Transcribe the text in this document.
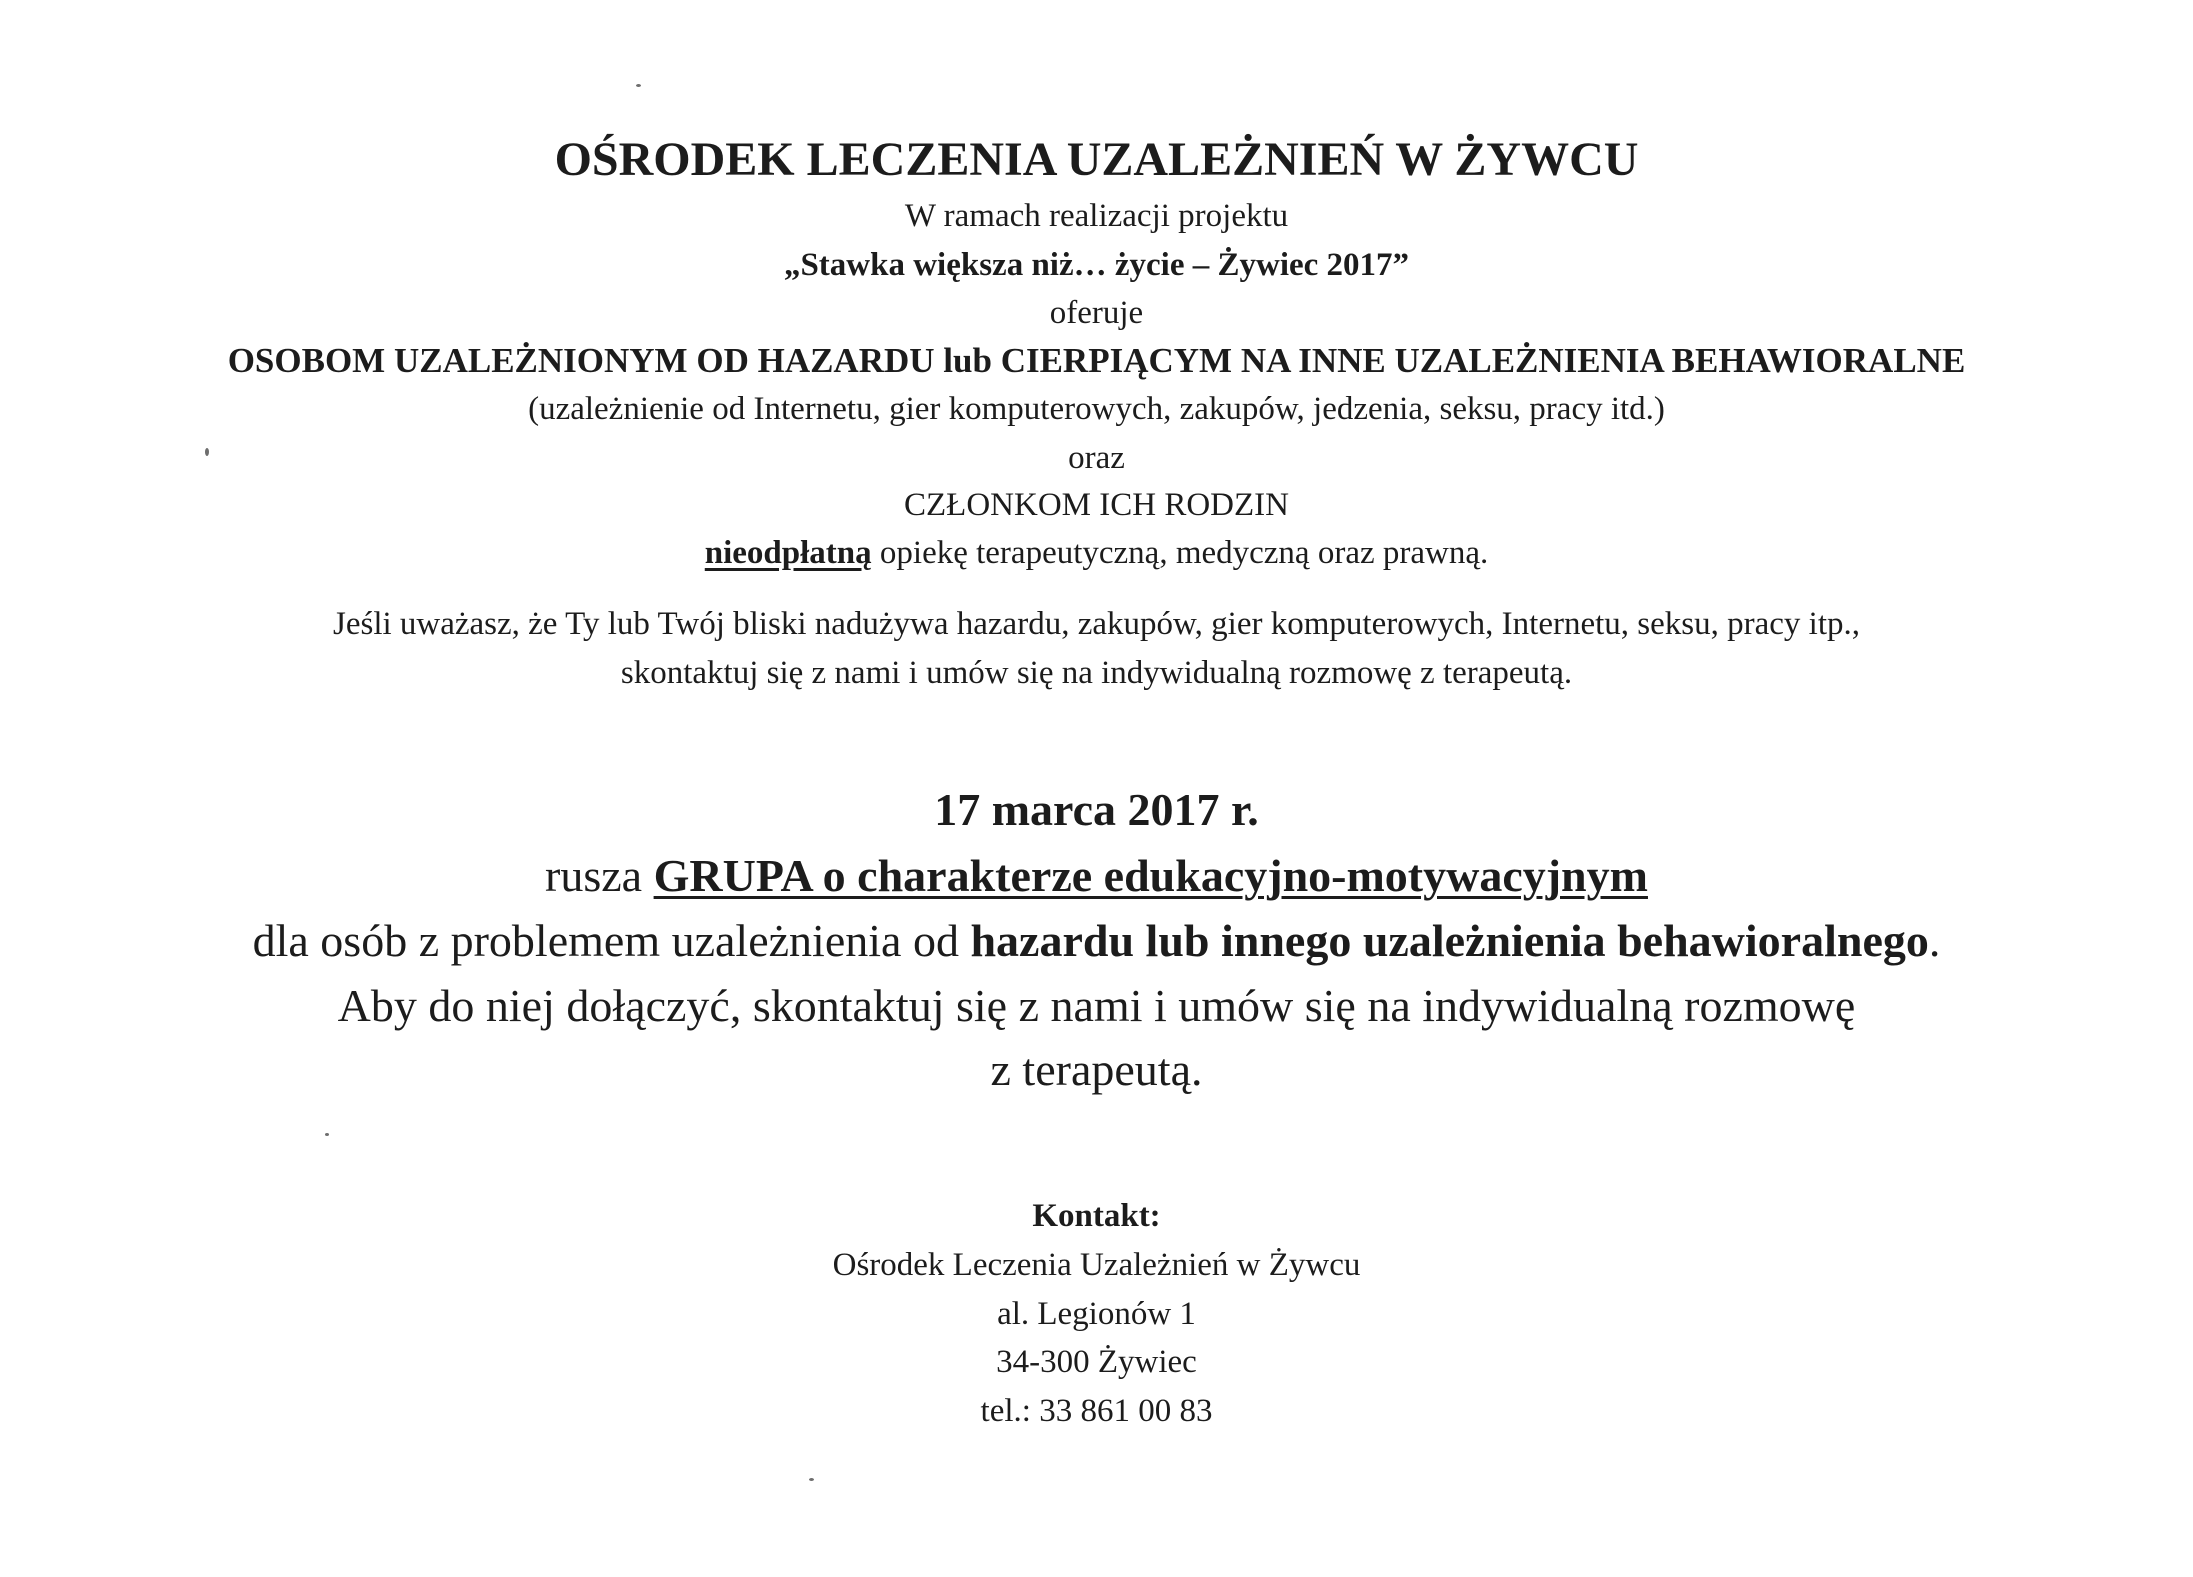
OŚRODEK LECZENIA UZALEŻNIEŃ W ŻYWCU
W ramach realizacji projektu
„Stawka większa niż… życie – Żywiec 2017”
oferuje
OSOBOM UZALEŻNIONYM OD HAZARDU lub CIERPIĄCYM NA INNE UZALEŻNIENIA BEHAWIORALNE
(uzależnienie od Internetu, gier komputerowych, zakupów, jedzenia, seksu, pracy itd.)
oraz
CZŁONKOM ICH RODZIN
nieodpłatną opiekę terapeutyczną, medyczną oraz prawną.
Jeśli uważasz, że Ty lub Twój bliski nadużywa hazardu, zakupów, gier komputerowych, Internetu, seksu, pracy itp.,
skontaktuj się z nami i umów się na indywidualną rozmowę z terapeutą.
17 marca 2017 r.
rusza GRUPA o charakterze edukacyjno-motywacyjnym
dla osób z problemem uzależnienia od hazardu lub innego uzależnienia behawioralnego.
Aby do niej dołączyć, skontaktuj się z nami i umów się na indywidualną rozmowę
z terapeutą.
Kontakt:
Ośrodek Leczenia Uzależnień w Żywcu
al. Legionów 1
34-300 Żywiec
tel.: 33 861 00 83
